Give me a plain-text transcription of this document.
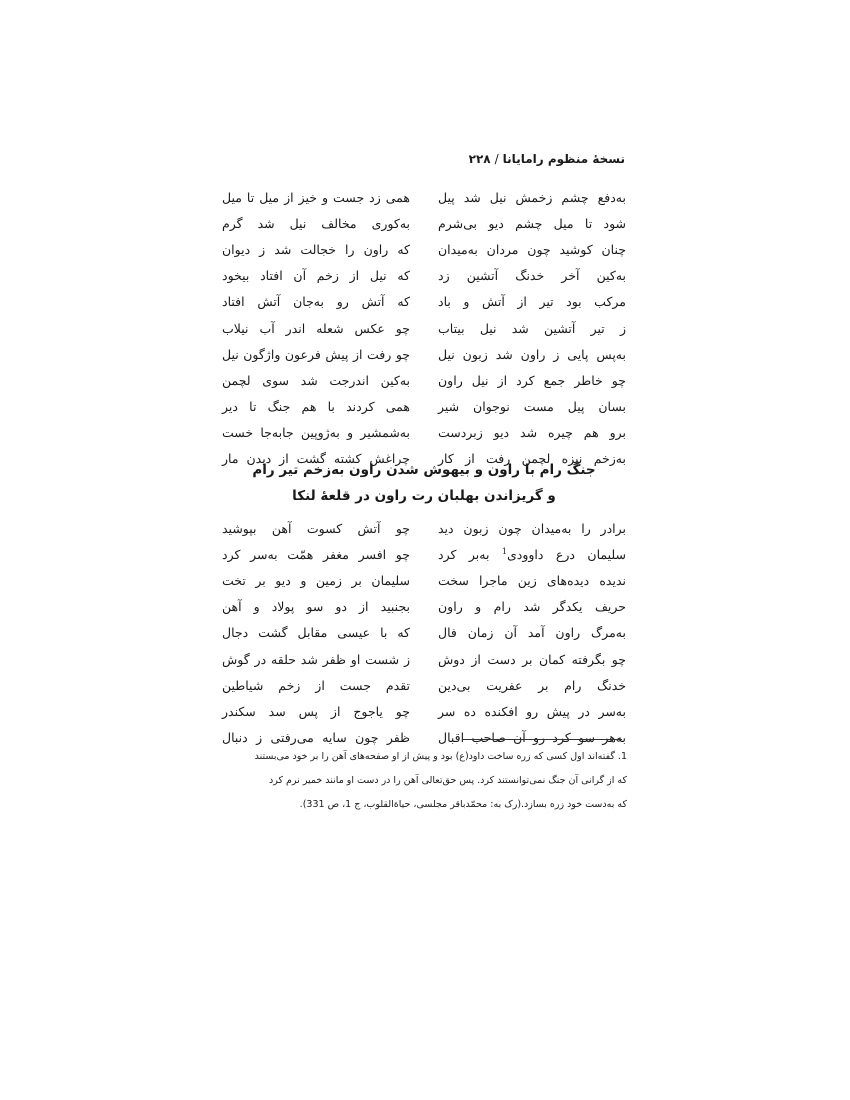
نسخهٔ منظوم رامایانا/۲۲۸
به‌دفع چشم زخمش نیل شد پیل
همی زد جست و خیز از میل تا میل
شود تا میل چشم دیو بی‌شرم
به‌کوری مخالف نیل شد گرم
چنان کوشید چون مردان به‌میدان
که راون را خجالت شد ز دیوان
به‌کین آخر خدنگ آتشین زد
که نیل از زخم آن افتاد بیخود
مرکب بود تیر از آتش و باد
که آتش رو به‌جان آتش افتاد
ز تیر آتشین شد نیل بیتاب
چو عکس شعله اندر آب نیلاب
به‌پس پایی ز راون شد زبون نیل
چو رفت از پیش فرعون واژگون نیل
چو خاطر جمع کرد از نیل راون
به‌کین اندرجت شد سوی لچمن
بسان پیل مست نوجوان شیر
همی کردند با هم جنگ تا دیر
برو هم چیره شد دیو زبردست
به‌شمشیر و به‌ژوپین جابه‌جا خست
به‌زخم نیزه لچمن رفت از کار
چراغش کشته گشت از دیدن مار
جنگ رام با راون و بیهوش شدن راون به‌زخم تیر رام
و گریزاندن بهلبان رت راون در قلعهٔ لنکا
برادر را به‌میدان چون زبون دید
چو آتش کسوت آهن بپوشید
سلیمان درع داوودی$^1$ به‌بر کرد
چو افسر مغفر همّت به‌سر کرد
ندیده دیده‌های زین ماجرا سخت
سلیمان بر زمین و دیو بر تخت
حریف یکدگر شد رام و راون
بجنبید از دو سو پولاد و آهن
به‌مرگ راون آمد آن زمان فال
که با عیسی مقابل گشت دجال
چو بگرفته کمان بر دست از دوش
ز شست او ظفر شد حلقه در گوش
خدنگ رام بر عفریت بی‌دین
تقدم جست از زخم شیاطین
به‌سر در پیش رو افکنده ده سر
چو یاجوج از پس سد سکندر
به‌هر سو کرد رو آن صاحب اقبال
ظفر چون سایه می‌رفتی ز دنبال
1. گفته‌اند اول کسی که زره ساخت داود(ع) بود و پیش از او صفحه‌های آهن را بر خود می‌بستند
که از گرانی آن جنگ نمی‌توانستند کرد. پس حق‌تعالی آهن را در دست او مانند خمیر نرم کرد
که به‌دست خود زره بسازد.(رک به: محمّدباقر مجلسی، حیاة‌القلوب، ج 1، ص 331).
